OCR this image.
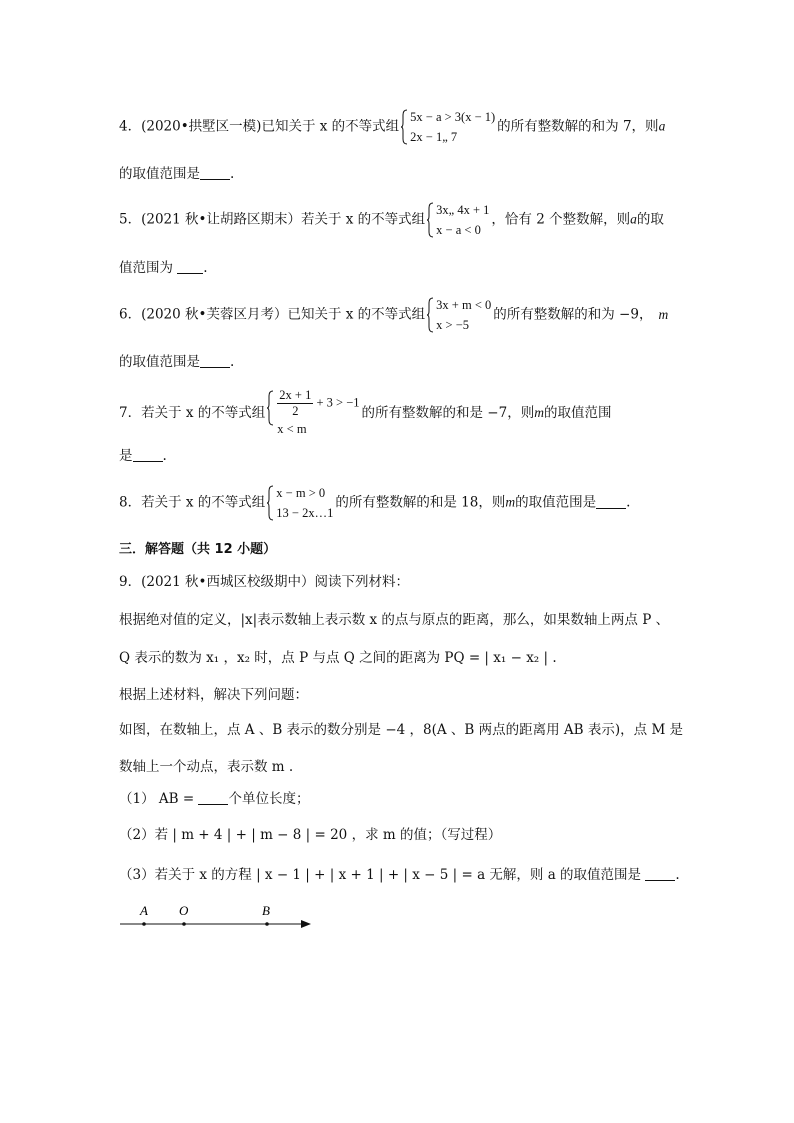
4．(2020•拱墅区一模)已知关于 x 的不等式组
5x − a > 3(x − 1)
2x − 1„ 7
的所有整数解的和为 7，则a
的取值范围是 .
5．(2021 秋•让胡路区期末）若关于 x 的不等式组
3x„ 4x + 1
x − a < 0
，恰有 2 个整数解，则a的取
值范围为 .
6．(2020 秋•芙蓉区月考）已知关于 x 的不等式组
3x + m < 0
x > −5
的所有整数解的和为 −9， m
的取值范围是 .
7．若关于 x 的不等式组 $\frac{2x + 1}{2} + 3 > -1$
x < m
的所有整数解的和是 −7，则m的取值范围
是 .
8．若关于 x 的不等式组
x − m > 0
13 − 2x…1
的所有整数解的和是 18，则m的取值范围是 .
三．解答题（共 12 小题）
9．(2021 秋•西城区校级期中）阅读下列材料：
根据绝对值的定义，|x|表示数轴上表示数 x 的点与原点的距离，那么，如果数轴上两点 P 、
Q 表示的数为 x₁ ，x₂ 时，点 P 与点 Q 之间的距离为 PQ = | x₁ − x₂ | .
根据上述材料，解决下列问题：
如图，在数轴上，点 A 、B 表示的数分别是 −4 ，8(A 、B 两点的距离用 AB 表示)，点 M 是
数轴上一个动点，表示数 m .
（1） AB =	个单位长度；
（2）若 | m + 4 | + | m − 8 | = 20 ，求 m 的值；（写过程）
（3）若关于 x 的方程 | x − 1 | + | x + 1 | + | x − 5 | = a 无解，则 a 的取值范围是	.
A O	B
